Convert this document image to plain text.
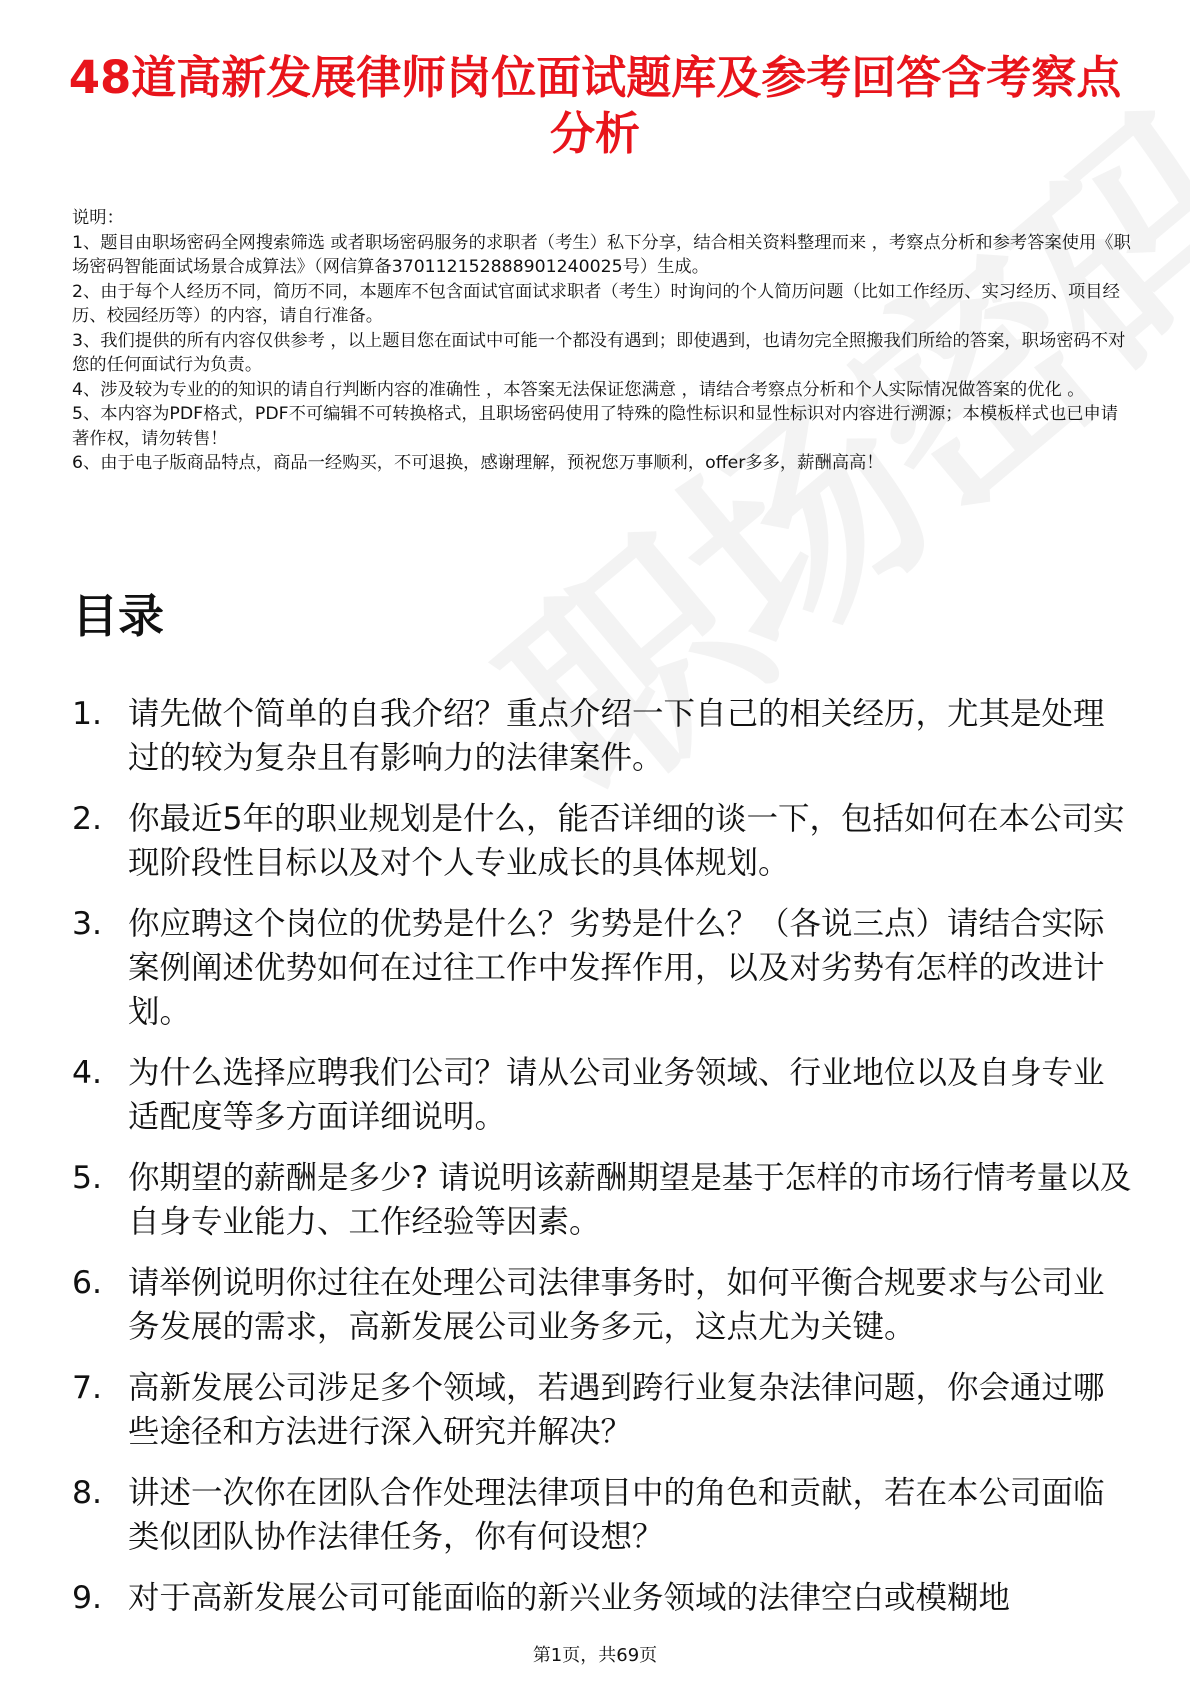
48道高新发展律师岗位面试题库及参考回答含考察点分析
说明：
1、题目由职场密码全网搜索筛选 或者职场密码服务的求职者（考生）私下分享，结合相关资料整理而来 ，考察点分析和参考答案使用《职场密码智能面试场景合成算法》（网信算备370112152888901240025号）生成。
2、由于每个人经历不同，简历不同，本题库不包含面试官面试求职者（考生）时询问的个人简历问题（比如工作经历、实习经历、项目经历、校园经历等）的内容，请自行准备。
3、我们提供的所有内容仅供参考 ，以上题目您在面试中可能一个都没有遇到；即使遇到，也请勿完全照搬我们所给的答案，职场密码不对您的任何面试行为负责。
4、涉及较为专业的的知识的请自行判断内容的准确性 ，本答案无法保证您满意 ，请结合考察点分析和个人实际情况做答案的优化 。
5、本内容为PDF格式，PDF不可编辑不可转换格式，且职场密码使用了特殊的隐性标识和显性标识对内容进行溯源；本模板样式也已申请著作权，请勿转售！
6、由于电子版商品特点，商品一经购买，不可退换，感谢理解，预祝您万事顺利，offer多多，薪酬高高！
目录
1. 请先做个简单的自我介绍？重点介绍一下自己的相关经历，尤其是处理过的较为复杂且有影响力的法律案件。
2. 你最近5年的职业规划是什么，能否详细的谈一下，包括如何在本公司实现阶段性目标以及对个人专业成长的具体规划。
3. 你应聘这个岗位的优势是什么？劣势是什么？（各说三点）请结合实际案例阐述优势如何在过往工作中发挥作用，以及对劣势有怎样的改进计划。
4. 为什么选择应聘我们公司？请从公司业务领域、行业地位以及自身专业适配度等多方面详细说明。
5. 你期望的薪酬是多少? 请说明该薪酬期望是基于怎样的市场行情考量以及自身专业能力、工作经验等因素。
6. 请举例说明你过往在处理公司法律事务时，如何平衡合规要求与公司业务发展的需求，高新发展公司业务多元，这点尤为关键。
7. 高新发展公司涉足多个领域，若遇到跨行业复杂法律问题，你会通过哪些途径和方法进行深入研究并解决？
8. 讲述一次你在团队合作处理法律项目中的角色和贡献，若在本公司面临类似团队协作法律任务，你有何设想？
9. 对于高新发展公司可能面临的新兴业务领域的法律空白或模糊地
第1页，共69页
